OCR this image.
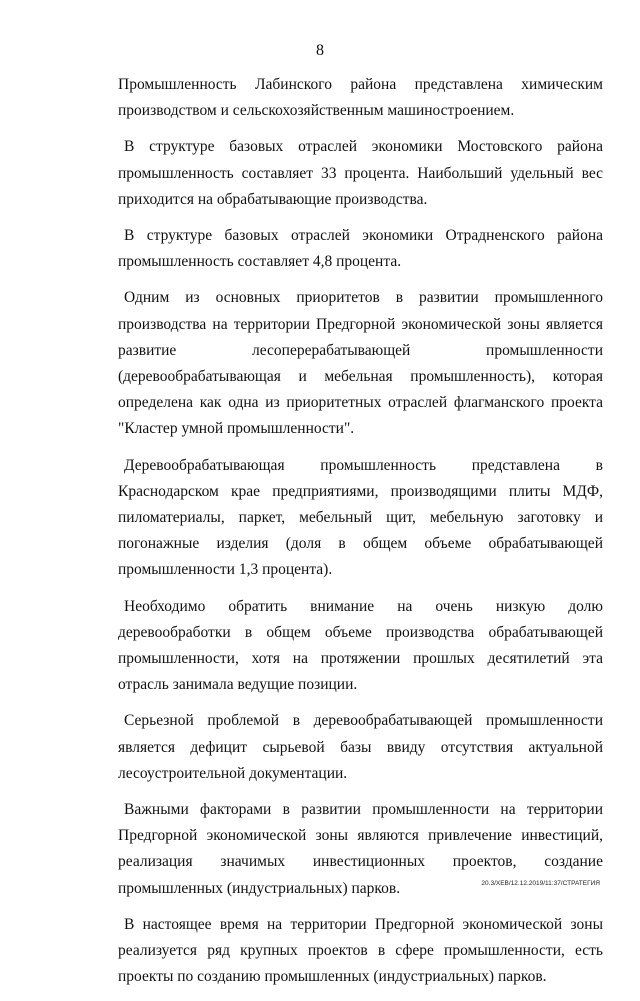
8

Промышленность Лабинского района представлена химическим производством и сельскохозяйственным машиностроением.

В структуре базовых отраслей экономики Мостовского района промышленность составляет 33 процента. Наибольший удельный вес приходится на обрабатывающие производства.

В структуре базовых отраслей экономики Отрадненского района промышленность составляет 4,8 процента.

Одним из основных приоритетов в развитии промышленного производства на территории Предгорной экономической зоны является развитие лесоперерабатывающей промышленности (деревообрабатывающая и мебельная промышленность), которая определена как одна из приоритетных отраслей флагманского проекта "Кластер умной промышленности".

Деревообрабатывающая промышленность представлена в Краснодарском крае предприятиями, производящими плиты МДФ, пиломатериалы, паркет, мебельный щит, мебельную заготовку и погонажные изделия (доля в общем объеме обрабатывающей промышленности 1,3 процента).

Необходимо обратить внимание на очень низкую долю деревообработки в общем объеме производства обрабатывающей промышленности, хотя на протяжении прошлых десятилетий эта отрасль занимала ведущие позиции.

Серьезной проблемой в деревообрабатывающей промышленности является дефицит сырьевой базы ввиду отсутствия актуальной лесоустроительной документации.

Важными факторами в развитии промышленности на территории Предгорной экономической зоны являются привлечение инвестиций, реализация значимых инвестиционных проектов, создание промышленных (индустриальных) парков.

В настоящее время на территории Предгорной экономической зоны реализуется ряд крупных проектов в сфере промышленности, есть проекты по созданию промышленных (индустриальных) парков.

20.3/ХЕВ/12.12.2019/11:37/СТРАТЕГИЯ
